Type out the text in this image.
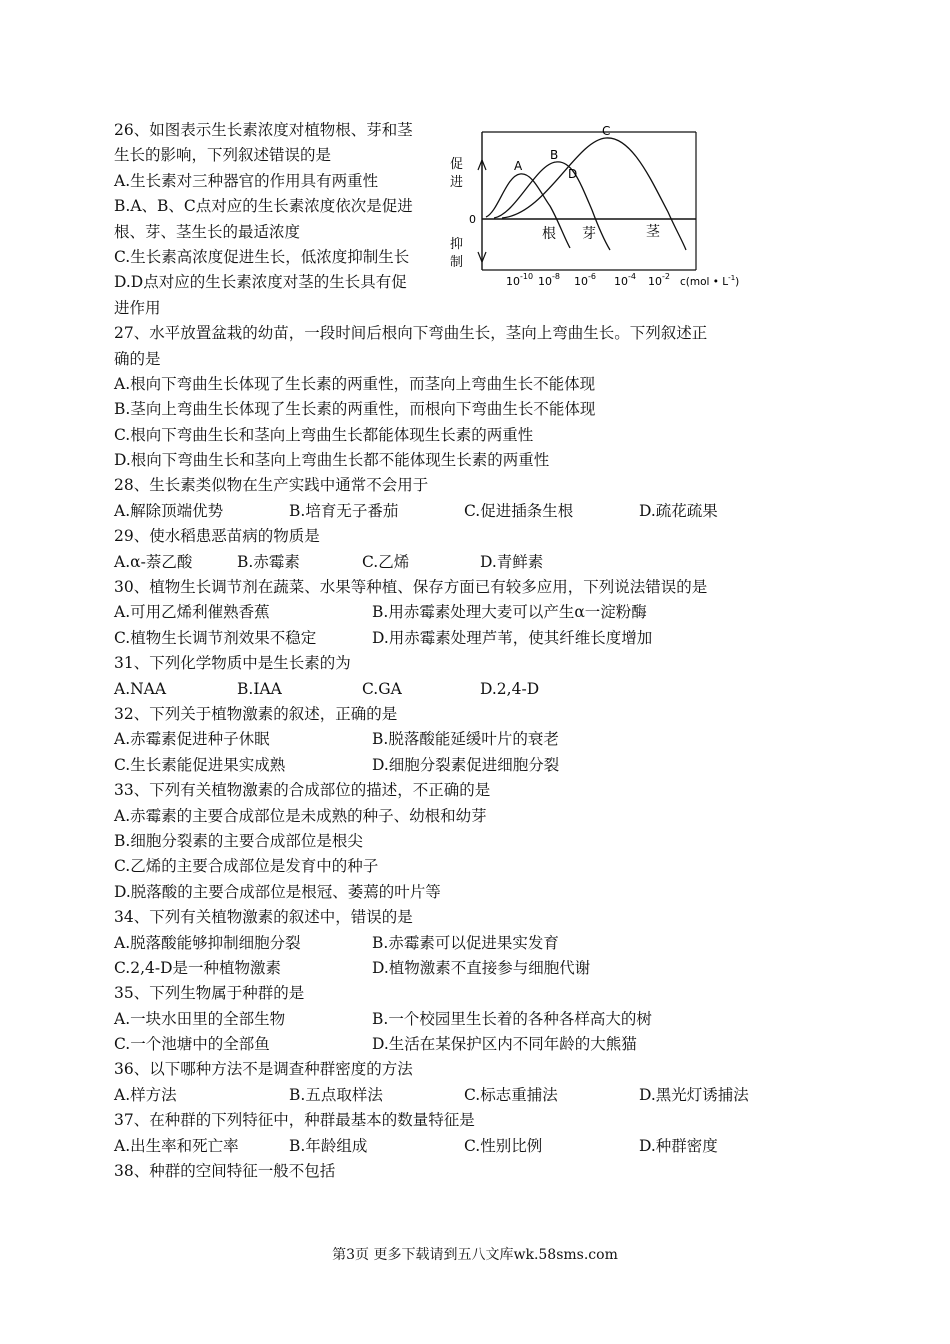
26、如图表示生长素浓度对植物根、芽和茎
生长的影响，下列叙述错误的是
A.生长素对三种器官的作用具有两重性
B.A、B、C点对应的生长素浓度依次是促进
根、芽、茎生长的最适浓度
C.生长素高浓度促进生长，低浓度抑制生长
D.D点对应的生长素浓度对茎的生长具有促
进作用
27、水平放置盆栽的幼苗，一段时间后根向下弯曲生长，茎向上弯曲生长。下列叙述正
确的是
A.根向下弯曲生长体现了生长素的两重性，而茎向上弯曲生长不能体现
B.茎向上弯曲生长体现了生长素的两重性，而根向下弯曲生长不能体现
C.根向下弯曲生长和茎向上弯曲生长都能体现生长素的两重性
D.根向下弯曲生长和茎向上弯曲生长都不能体现生长素的两重性
28、生长素类似物在生产实践中通常不会用于
A.解除顶端优势	B.培育无子番茄	C.促进插条生根	D.疏花疏果
29、使水稻患恶苗病的物质是
A.α-萘乙酸	B.赤霉素	C.乙烯	D.青鲜素
30、植物生长调节剂在蔬菜、水果等种植、保存方面已有较多应用，下列说法错误的是
A.可用乙烯利催熟香蕉	B.用赤霉素处理大麦可以产生α一淀粉酶
C.植物生长调节剂效果不稳定	D.用赤霉素处理芦苇，使其纤维长度增加
31、下列化学物质中是生长素的为
A.NAA	B.IAA	C.GA	D.2,4-D
32、下列关于植物激素的叙述，正确的是
A.赤霉素促进种子休眠	B.脱落酸能延缓叶片的衰老
C.生长素能促进果实成熟	D.细胞分裂素促进细胞分裂
33、下列有关植物激素的合成部位的描述，不正确的是
A.赤霉素的主要合成部位是未成熟的种子、幼根和幼芽
B.细胞分裂素的主要合成部位是根尖
C.乙烯的主要合成部位是发育中的种子
D.脱落酸的主要合成部位是根冠、萎蔫的叶片等
34、下列有关植物激素的叙述中，错误的是
A.脱落酸能够抑制细胞分裂	B.赤霉素可以促进果实发育
C.2,4-D是一种植物激素	D.植物激素不直接参与细胞代谢
35、下列生物属于种群的是
A.一块水田里的全部生物	B.一个校园里生长着的各种各样高大的树
C.一个池塘中的全部鱼	D.生活在某保护区内不同年龄的大熊猫
36、以下哪种方法不是调查种群密度的方法
A.样方法	B.五点取样法	C.标志重捕法	D.黑光灯诱捕法
37、在种群的下列特征中，种群最基本的数量特征是
A.出生率和死亡率	B.年龄组成	C.性别比例	D.种群密度
38、种群的空间特征一般不包括
A
B
C
D
促进
抑制
0
根 芽	茎
$10^{-10}$ $10^{-8}$ $10^{-6}$ $10^{-4}$ $10^{-2}$ c(mol • $L^{-1}$)
第3页 更多下载请到五八文库wk.58sms.com
